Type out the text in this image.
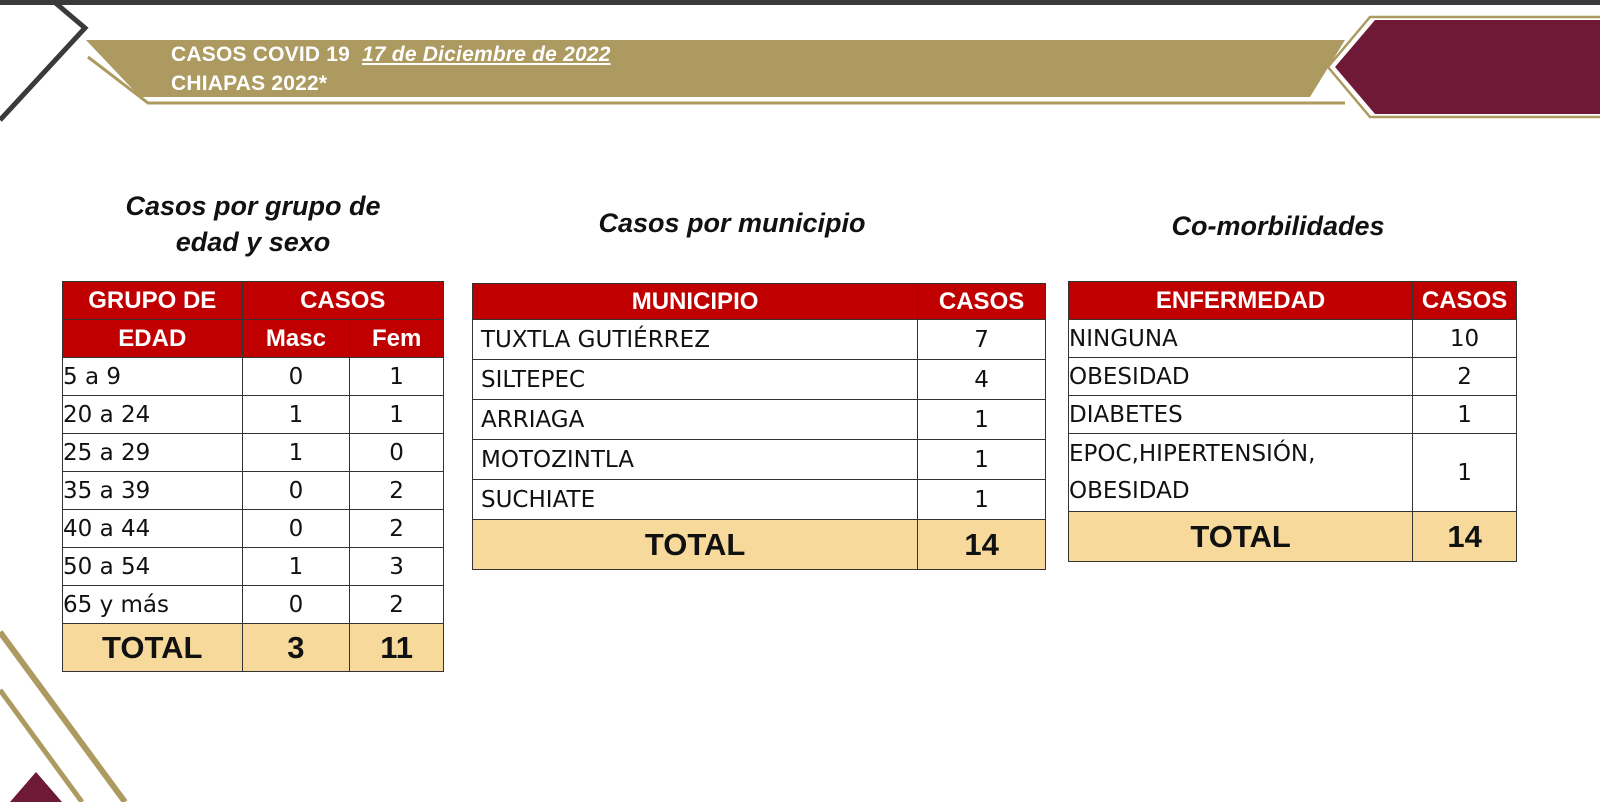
CASOS COVID 19 17 de Diciembre de 2022
CHIAPAS 2022*
Casos por grupo de
edad y sexo
Casos por municipio	Co-morbilidades
GRUPO DE	CASOS	
EDAD	Masc	Fem
5 a 9	0	1
20 a 24	1	1
25 a 29	1	0
35 a 39	0	2
40 a 44	0	2
50 a 54	1	3
65 y más	0	2
TOTAL	3	11
MUNICIPIO	CASOS
TUXTLA GUTIÉRREZ	7
SILTEPEC	4
ARRIAGA	1
MOTOZINTLA	1
SUCHIATE	1
TOTAL	14
ENFERMEDAD	CASOS
NINGUNA	10
OBESIDAD	2
DIABETES	1

EPOC,HIPERTENSIÓN,
OBESIDAD	1
TOTAL	14
